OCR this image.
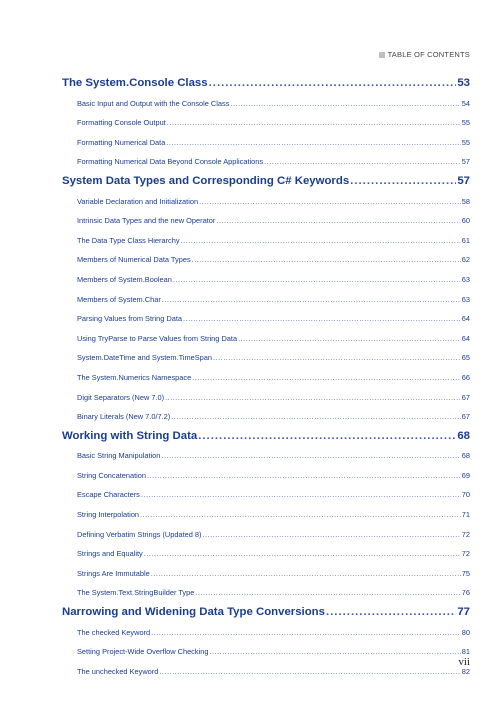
TABLE OF CONTENTS
The System.Console Class .....	53
Basic Input and Output with the Console Class .....	54
Formatting Console Output .....	55
Formatting Numerical Data .....	55
Formatting Numerical Data Beyond Console Applications .....	57
System Data Types and Corresponding C# Keywords .....	57
Variable Declaration and Initialization .....	58
Intrinsic Data Types and the new Operator .....	60
The Data Type Class Hierarchy .....	61
Members of Numerical Data Types .....	62
Members of System.Boolean .....	63
Members of System.Char .....	63
Parsing Values from String Data .....	64
Using TryParse to Parse Values from String Data .....	64
System.DateTime and System.TimeSpan .....	65
The System.Numerics Namespace .....	66
Digit Separators (New 7.0) .....	67
Binary Literals (New 7.0/7.2) .....	67
Working with String Data .....	68
Basic String Manipulation .....	68
String Concatenation .....	69
Escape Characters .....	70
String Interpolation .....	71
Defining Verbatim Strings (Updated 8) .....	72
Strings and Equality .....	72
Strings Are Immutable .....	75
The System.Text.StringBuilder Type .....	76
Narrowing and Widening Data Type Conversions .....	77
The checked Keyword .....	80
Setting Project-Wide Overflow Checking .....	81
The unchecked Keyword .....	82
vii
